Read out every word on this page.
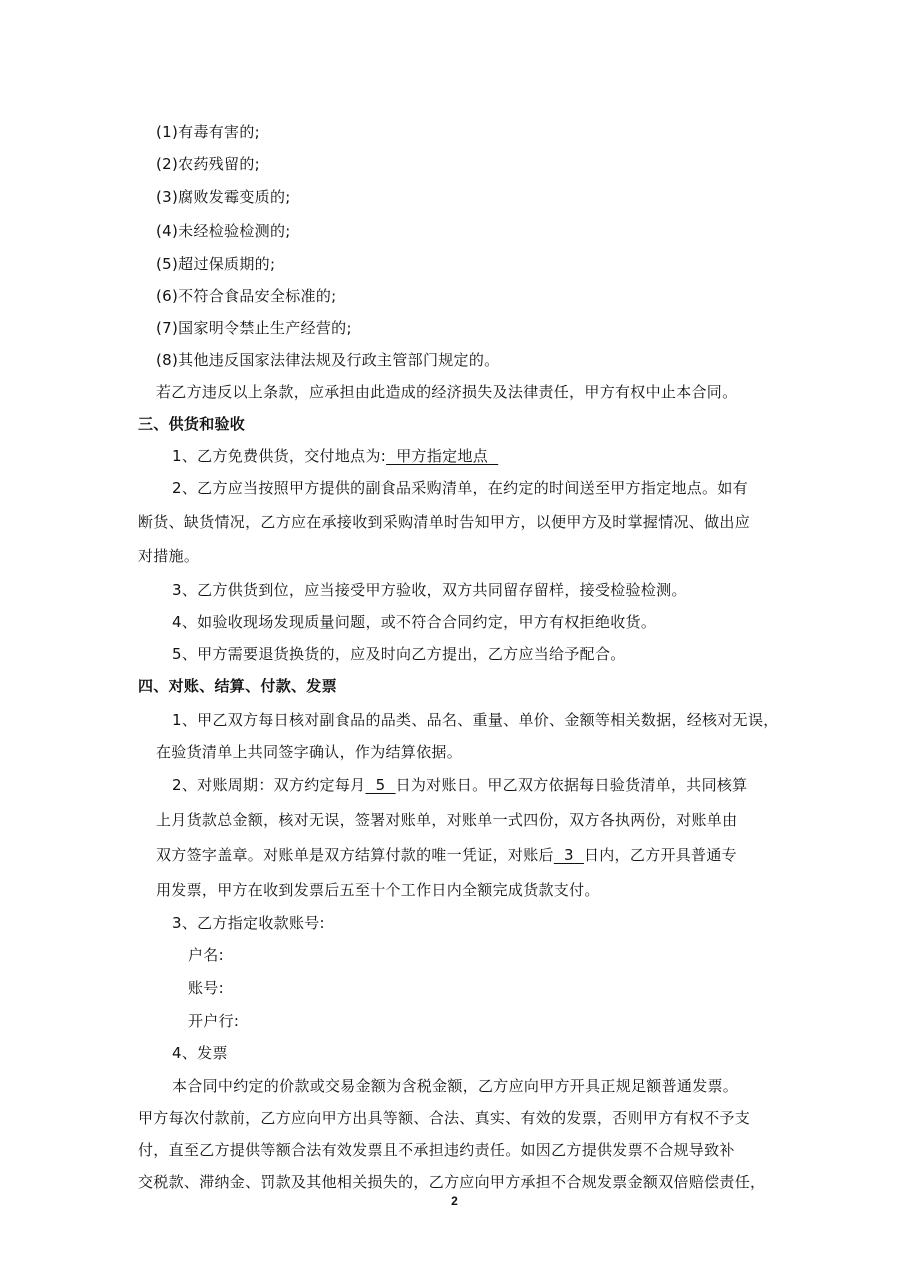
(1)有毒有害的;
(2)农药残留的;
(3)腐败发霉变质的;
(4)未经检验检测的;
(5)超过保质期的;
(6)不符合食品安全标准的;
(7)国家明令禁止生产经营的;
(8)其他违反国家法律法规及行政主管部门规定的。
若乙方违反以上条款，应承担由此造成的经济损失及法律责任，甲方有权中止本合同。
三、供货和验收
1、乙方免费供货，交付地点为:  甲方指定地点
2、乙方应当按照甲方提供的副食品采购清单，在约定的时间送至甲方指定地点。如有
断货、缺货情况，乙方应在承接收到采购清单时告知甲方，以便甲方及时掌握情况、做出应
对措施。
3、乙方供货到位，应当接受甲方验收，双方共同留存留样，接受检验检测。
4、如验收现场发现质量问题，或不符合合同约定，甲方有权拒绝收货。
5、甲方需要退货换货的，应及时向乙方提出，乙方应当给予配合。
四、对账、结算、付款、发票
1、甲乙双方每日核对副食品的品类、品名、重量、单价、金额等相关数据，经核对无误，
在验货清单上共同签字确认，作为结算依据。
2、对账周期：双方约定每月  5  日为对账日。甲乙双方依据每日验货清单，共同核算
上月货款总金额，核对无误，签署对账单，对账单一式四份，双方各执两份，对账单由
双方签字盖章。对账单是双方结算付款的唯一凭证，对账后  3  日内，乙方开具普通专
用发票，甲方在收到发票后五至十个工作日内全额完成货款支付。
3、乙方指定收款账号:
户名:
账号:
开户行:
4、发票
本合同中约定的价款或交易金额为含税金额，乙方应向甲方开具正规足额普通发票。
甲方每次付款前，乙方应向甲方出具等额、合法、真实、有效的发票，否则甲方有权不予支
付，直至乙方提供等额合法有效发票且不承担违约责任。如因乙方提供发票不合规导致补
交税款、滞纳金、罚款及其他相关损失的，乙方应向甲方承担不合规发票金额双倍赔偿责任，
2
